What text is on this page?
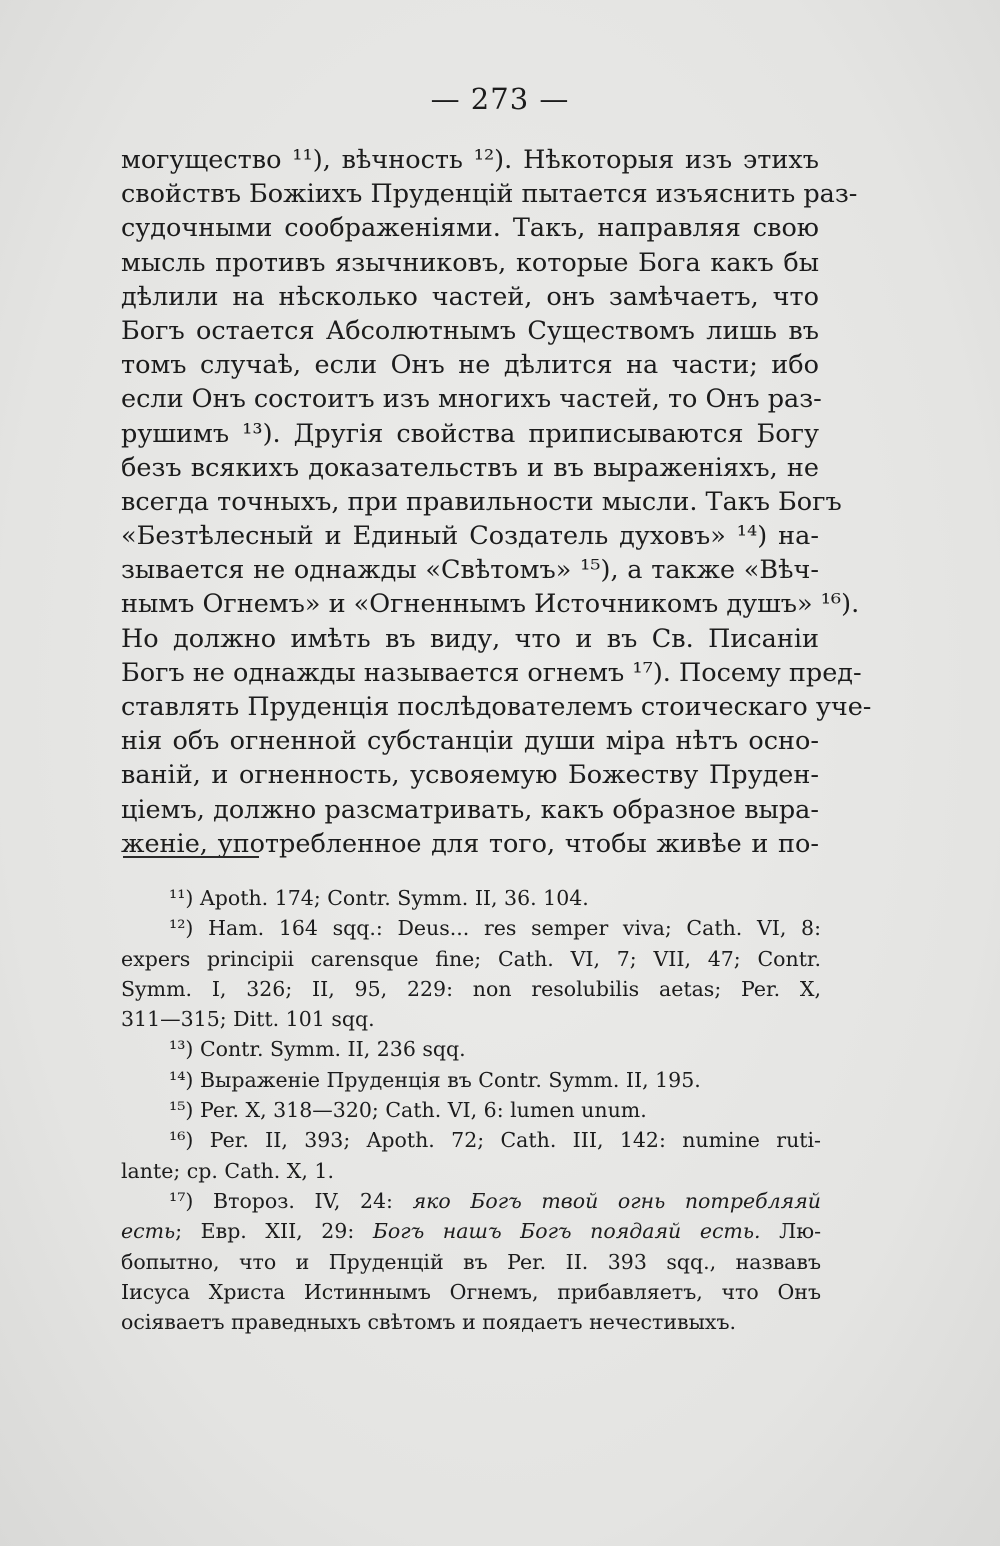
— 273 —
могущество ¹¹), вѣчность ¹²). Нѣкоторыя изъ этихъ
свойствъ Божіихъ Пруденцій пытается изъяснить раз-
судочными соображеніями. Такъ, направляя свою
мысль противъ язычниковъ, которые Бога какъ бы
дѣлили на нѣсколько частей, онъ замѣчаетъ, что
Богъ остается Абсолютнымъ Существомъ лишь въ
томъ случаѣ, если Онъ не дѣлится на части; ибо
если Онъ состоитъ изъ многихъ частей, то Онъ раз-
рушимъ ¹³). Другія свойства приписываются Богу
безъ всякихъ доказательствъ и въ выраженіяхъ, не
всегда точныхъ, при правильности мысли. Такъ Богъ
«Безтѣлесный и Единый Создатель духовъ» ¹⁴) на-
зывается не однажды «Свѣтомъ» ¹⁵), а также «Вѣч-
нымъ Огнемъ» и «Огненнымъ Источникомъ душъ» ¹⁶).
Но должно имѣть въ виду, что и въ Св. Писаніи
Богъ не однажды называется огнемъ ¹⁷). Посему пред-
ставлять Пруденція послѣдователемъ стоическаго уче-
нія объ огненной субстанціи души міра нѣтъ осно-
ваній, и огненность, усвояемую Божеству Пруден-
ціемъ, должно разсматривать, какъ образное выра-
женіе, употребленное для того, чтобы живѣе и по-
¹¹) Apoth. 174; Contr. Symm. II, 36. 104.
¹²) Ham. 164 sqq.: Deus... res semper viva; Cath. VI, 8:
expers principii carensque fine; Cath. VI, 7; VII, 47; Contr.
Symm. I, 326; II, 95, 229: non resolubilis aetas; Per. X,
311—315; Ditt. 101 sqq.
¹³) Contr. Symm. II, 236 sqq.
¹⁴) Выраженіе Пруденція въ Contr. Symm. II, 195.
¹⁵) Per. X, 318—320; Cath. VI, 6: lumen unum.
¹⁶) Per. II, 393; Apoth. 72; Cath. III, 142: numine ruti-
lante; cp. Cath. X, 1.
¹⁷) Второз. IV, 24: яко Богъ твой огнь потребляяй
есть; Евр. XII, 29: Богъ нашъ Богъ поядаяй есть. Лю-
бопытно, что и Пруденцій въ Per. II. 393 sqq., назвавъ
Іисуса Христа Истиннымъ Огнемъ, прибавляетъ, что Онъ
осіяваетъ праведныхъ свѣтомъ и поядаетъ нечестивыхъ.
